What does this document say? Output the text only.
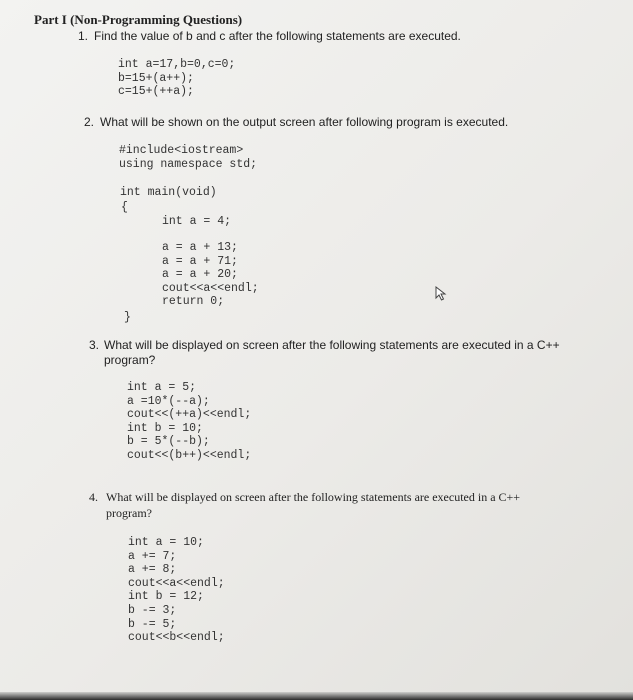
Part I (Non-Programming Questions)
1. Find the value of b and c after the following statements are executed.
int a=17,b=0,c=0;
b=15+(a++);
c=15+(++a);
2. What will be shown on the output screen after following program is executed.
#include<iostream>
using namespace std;
int main(void)
{
int a = 4;
a = a + 13;
a = a + 71;
a = a + 20;
cout<<a<<endl;
return 0;
}
3. What will be displayed on screen after the following statements are executed in a C++
program?
int a = 5;
a =10*(--a);
cout<<(++a)<<endl;
int b = 10;
b = 5*(--b);
cout<<(b++)<<endl;
4. What will be displayed on screen after the following statements are executed in a C++
program?
int a = 10;
a += 7;
a += 8;
cout<<a<<endl;
int b = 12;
b -= 3;
b -= 5;
cout<<b<<endl;
